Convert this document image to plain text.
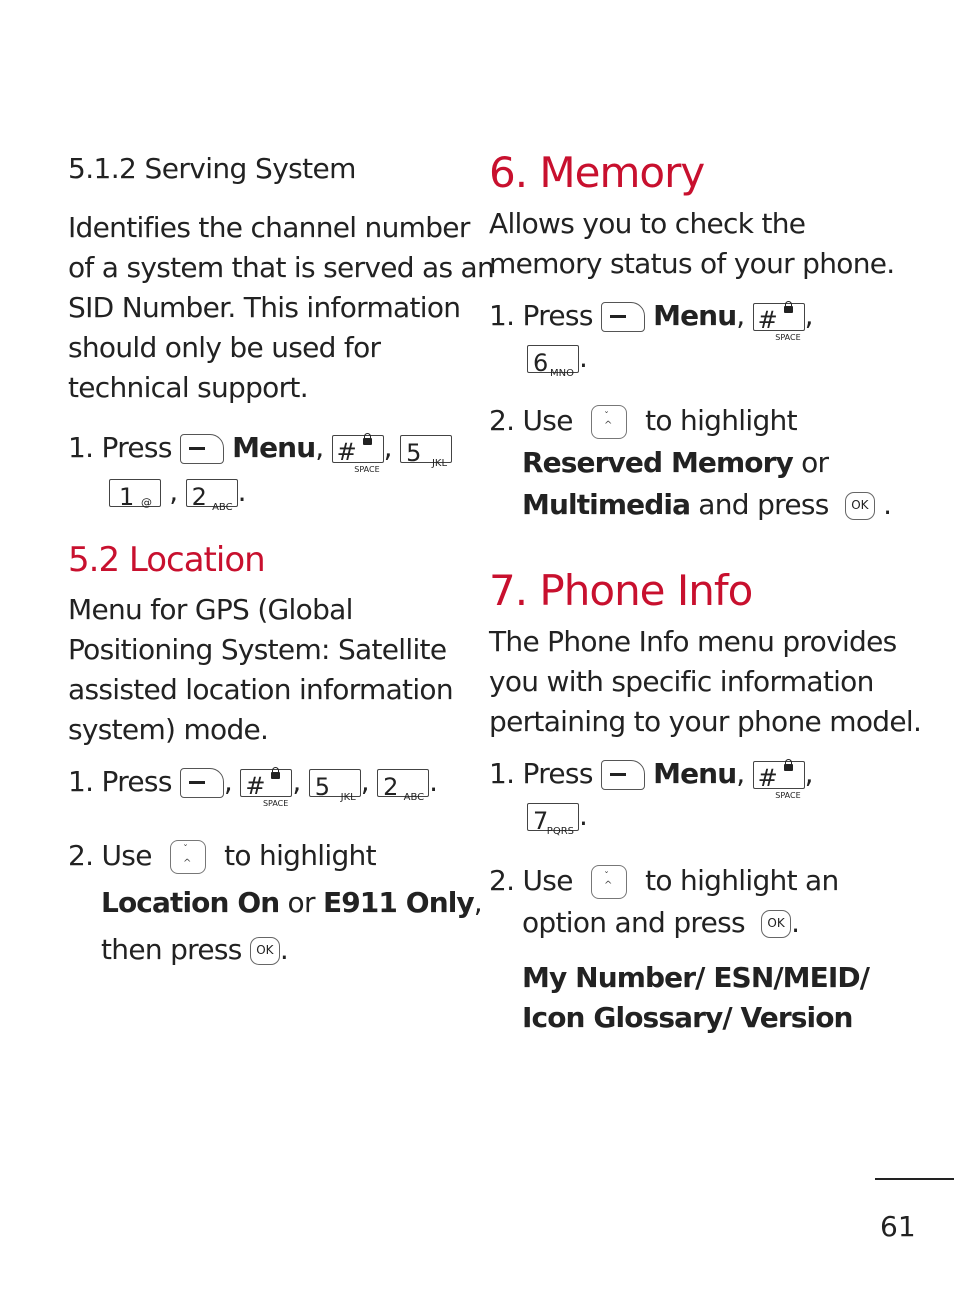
5.1.2 Serving System
Identifies the channel number
of a system that is served as an
SID Number. This information
should only be used for
technical support.
1. Press Menu, #
SPACE
, 5 JKL
1 @ , 2 ABC .
5.2 Location
Menu for GPS (Global
Positioning System: Satellite
assisted location information
system) mode.
1. Press , #
SPACE
, 5 JKL , 2 ABC .
2. Use	^
ˇ to highlight
Location On or E911 Only,
then press OK .
6. Memory
Allows you to check the
memory status of your phone.
1. Press Menu, #
SPACE
,
6 MNO .
2. Use	^
ˇ to highlight
Reserved Memory or
Multimedia and press OK .
7. Phone Info
The Phone Info menu provides
you with specific information
pertaining to your phone model.
1. Press Menu, #
SPACE
,
7 PQRS .
2. Use	^
ˇ to highlight an
option and press OK .
My Number/ ESN/MEID/
Icon Glossary/ Version
61
